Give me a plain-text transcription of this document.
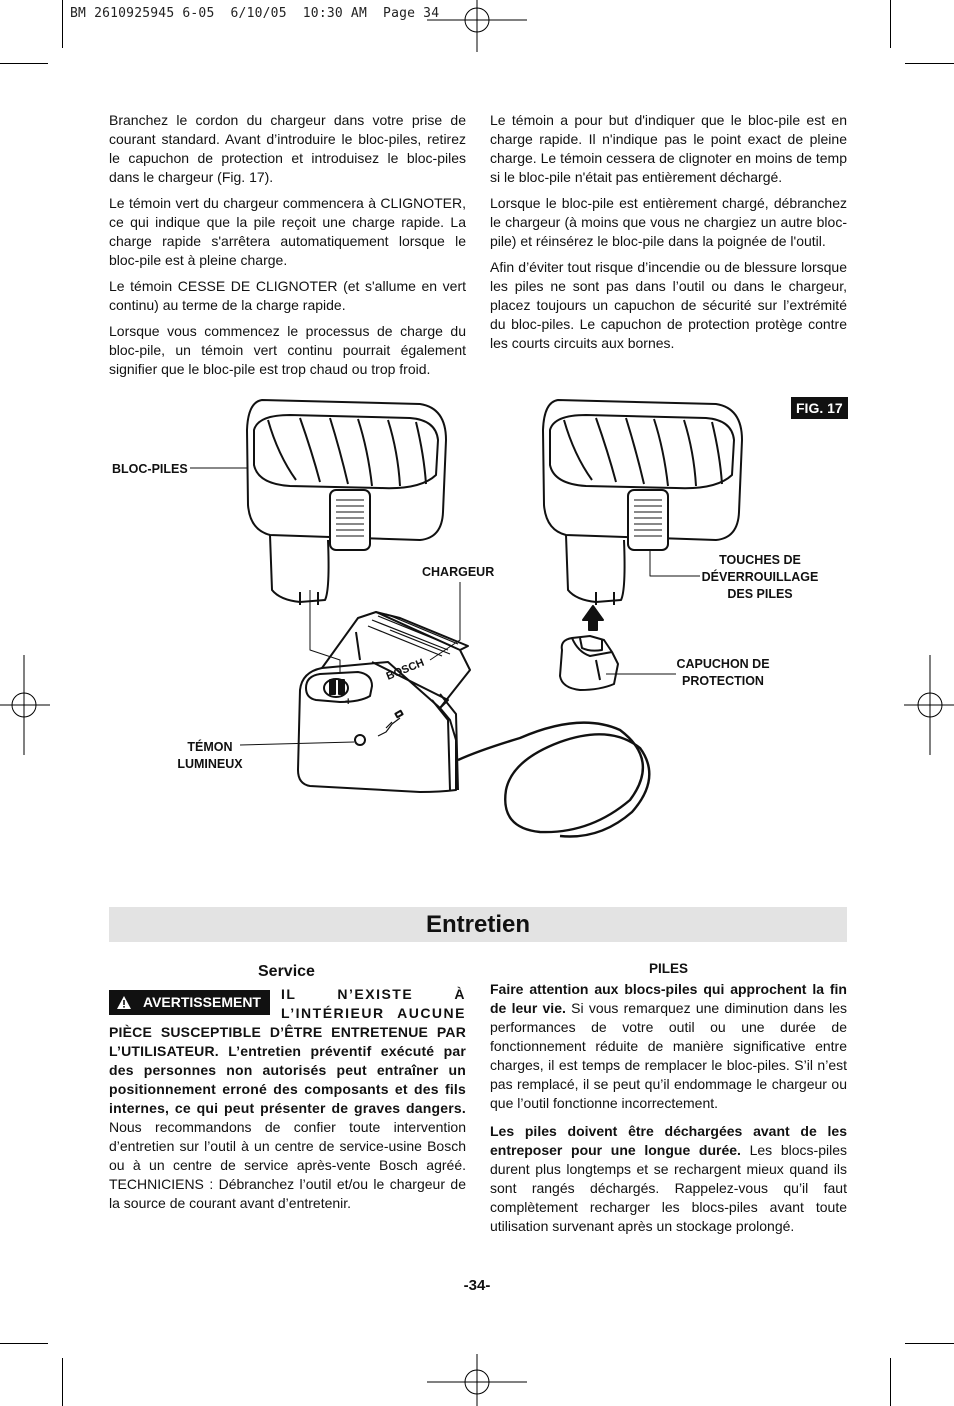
BM 2610925945 6-05  6/10/05  10:30 AM  Page 34

Branchez le cordon du chargeur dans votre prise de courant standard. Avant d’introduire le bloc-piles, retirez le capuchon de protection et introduisez le bloc-piles dans le chargeur (Fig. 17).

Le témoin vert du chargeur commencera à CLIGNOTER, ce qui indique que la pile reçoit une charge rapide. La charge rapide s'arrêtera automatiquement lorsque le bloc-pile est à pleine charge.

Le témoin CESSE DE CLIGNOTER (et s'allume en vert continu) au terme de la charge rapide.

Lorsque vous commencez le processus de charge du bloc-pile, un témoin vert continu pourrait également signifier que le bloc-pile est trop chaud ou trop froid.

Le témoin a pour but d'indiquer que le bloc-pile est en charge rapide. Il n'indique pas le point exact de pleine charge. Le témoin cessera de clignoter en moins de temp si le bloc-pile n'était pas entièrement déchargé.

Lorsque le bloc-pile est entièrement chargé, débranchez le chargeur (à moins que vous ne chargiez un autre bloc-pile) et réinsérez le bloc-pile dans la poignée de l'outil.

Afin d’éviter tout risque d’incendie ou de blessure lorsque les piles ne sont pas dans l’outil ou dans le chargeur, placez toujours un capuchon de sécurité sur l’extrémité du bloc-piles. Le capuchon de protection protège contre les courts circuits aux bornes.

BOSCH
+
FIG. 17
BLOC-PILES
CHARGEUR
TOUCHES DE
DÉVERROUILLAGE
DES PILES
CAPUCHON DE
PROTECTION
TÉMON
LUMINEUX
Entretien
Service
AVERTISSEMENT IL N’EXISTE À L’INTÉRIEUR AUCUNE
PIÈCE SUSCEPTIBLE D’ÊTRE ENTRETENUE PAR L’UTILISATEUR. L’entretien préventif exécuté par des personnes non autorisés peut entraîner un positionnement erroné des composants et des fils internes, ce qui peut présenter de graves dangers. Nous recommandons de confier toute intervention d’entretien sur l’outil à un centre de service-usine Bosch ou à un centre de service après-vente Bosch agréé. TECHNICIENS : Débranchez l’outil et/ou le chargeur de la source de courant avant d’entretenir.
PILES

Faire attention aux blocs-piles qui approchent la fin de leur vie. Si vous remarquez une diminution dans les performances de votre outil ou une durée de fonctionnement réduite de manière significative entre charges, il est temps de remplacer le bloc-piles. S’il n’est pas remplacé, il se peut qu’il endommage le chargeur ou que l’outil fonctionne incorrectement.

Les piles doivent être déchargées avant de les entreposer pour une longue durée. Les blocs-piles durent plus longtemps et se rechargent mieux quand ils sont rangés déchargés. Rappelez-vous qu’il faut complètement recharger les blocs-piles avant toute utilisation survenant après un stockage prolongé.

-34-
